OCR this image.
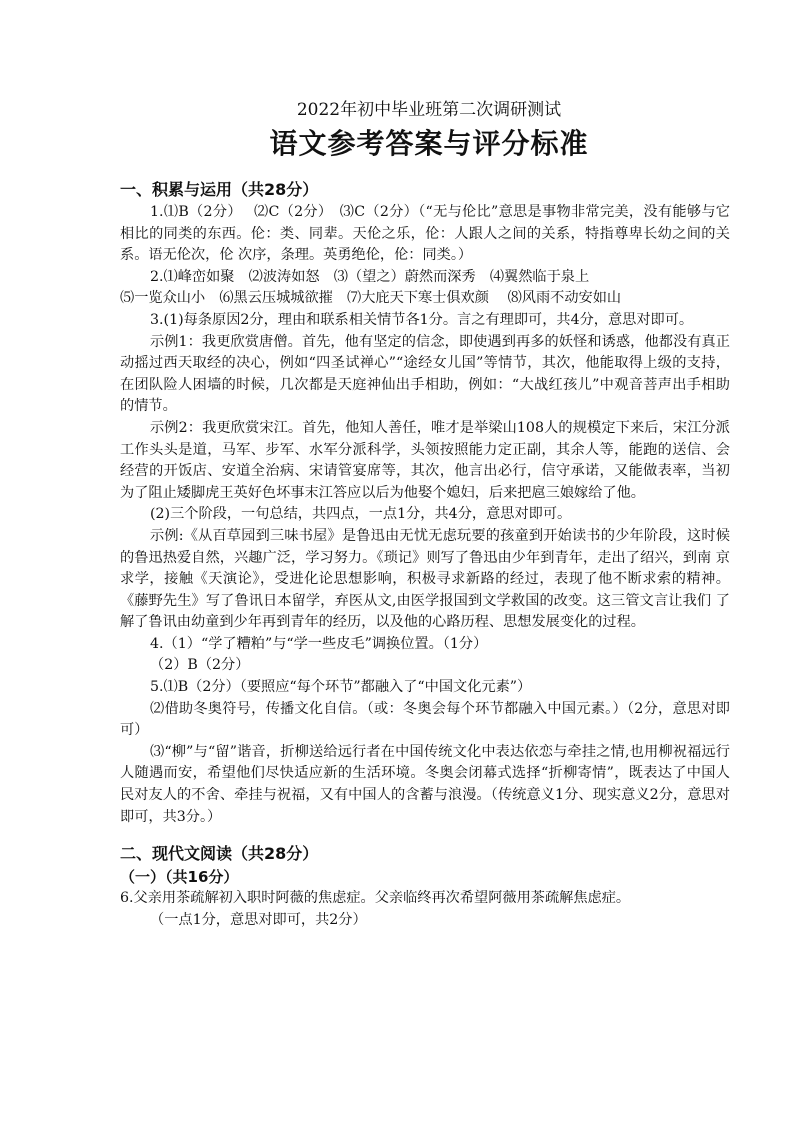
2022年初中毕业班第二次调研测试
语文参考答案与评分标准
一、积累与运用（共28分）

1.⑴B（2分）　 ⑵C（2分）　⑶C（2分）（“无与伦比”意思是事物非常完美，没有能够与它相比的同类的东西。伦：类、同辈。天伦之乐，伦：人跟人之间的关系，特指尊卑长幼之间的关系。语无伦次，伦 次序，条理。英勇绝伦，伦：同类。）

2.⑴峰峦如聚　⑵波涛如怒　⑶（望之）蔚然而深秀　⑷翼然临于泉上

⑸一览众山小　⑹黑云压城城欲摧　⑺大庇天下寒士俱欢颜　 ⑻风雨不动安如山

3.(1)每条原因2分，理由和联系相关情节各1分。言之有理即可，共4分，意思对即可。

示例1：我更欣赏唐僧。首先，他有坚定的信念，即使遇到再多的妖怪和诱惑，他都没有真正动摇过西天取经的决心，例如“四圣试禅心”“途经女儿国”等情节，其次，他能取得上级的支持，在团队险人困墙的时候，几次都是天庭神仙出手相助，例如：“大战红孩儿”中观音菩声出手相助的情节。

示例2：我更欣赏宋江。首先，他知人善任，唯才是举梁山108人的规模定下来后，宋江分派工作头头是道，马军、步军、水军分派科学，头领按照能力定正副，其余人等，能跑的送信、会经营的开饭店、安道全治病、宋请管宴席等，其次，他言出必行，信守承诺，又能做表率，当初为了阻止矮脚虎王英好色坏事末江答应以后为他娶个媳妇，后来把扈三娘嫁给了他。

(2)三个阶段，一句总结，共四点，一点1分，共4分，意思对即可。

示例:《从百草园到三味书屋》是鲁迅由无忧无虑玩要的孩童到开始读书的少年阶段，这时候的鲁迅热爱自然，兴趣广泛，学习努力。《琐记》则写了鲁迅由少年到青年，走出了绍兴，到南 京求学，接触《天演论》，受进化论思想影响，积极寻求新路的经过，表现了他不断求索的精神。《藤野先生》写了鲁讯日本留学，弃医从文,由医学报国到文学救国的改变。这三管文言让我们 了解了鲁讯由幼童到少年再到青年的经历，以及他的心路历程、思想发展变化的过程。

4.（1）“学了糟粕”与“学一些皮毛”调换位置。（1分）

（2）B（2分）

5.⑴B（2分）（要照应“每个环节”都融入了“中国文化元素”）

⑵借助冬奥符号，传播文化自信。（或：冬奥会每个环节都融入中国元素。）（2分，意思对即可）

⑶“柳”与“留”谐音，折柳送给远行者在中国传统文化中表达依恋与牵挂之情,也用柳祝福远行人随遇而安，希望他们尽快适应新的生活环境。冬奥会闭幕式选择“折柳寄情”，既表达了中国人民对友人的不舍、牵挂与祝福，又有中国人的含蓄与浪漫。（传统意义1分、现实意义2分，意思对即可，共3分。）

二、现代文阅读（共28分）
（一）（共16分）

6.父亲用茶疏解初入职时阿薇的焦虑症。父亲临终再次希望阿薇用茶疏解焦虑症。

（一点1分，意思对即可，共2分）
